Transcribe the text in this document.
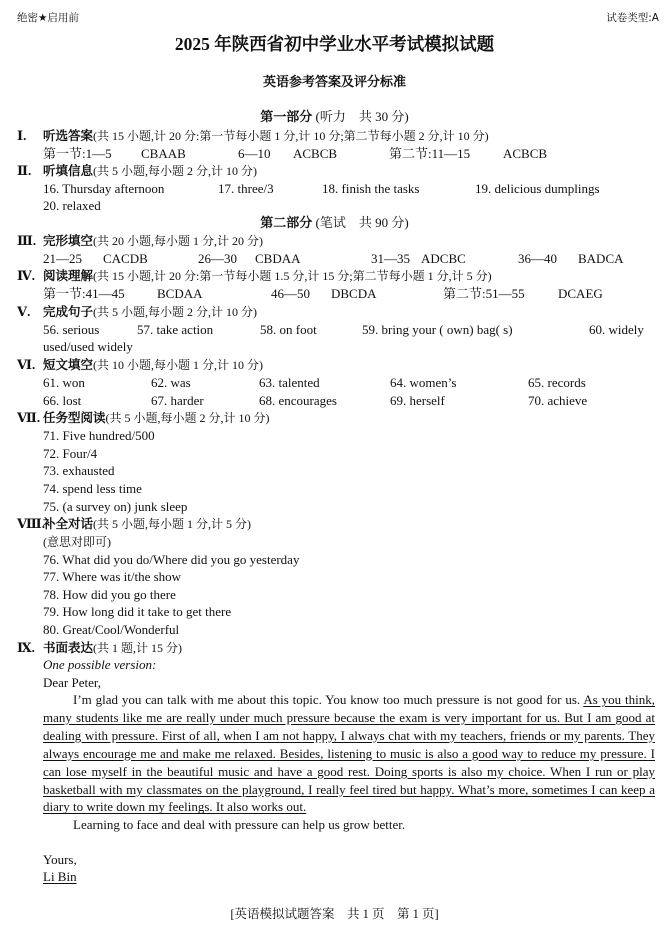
绝密★启用前	试卷类型:A
2025 年陕西省初中学业水平考试模拟试题
英语参考答案及评分标准
第一部分 (听力　共 30 分)
Ⅰ. 听选答案(共 15 小题,计 20 分:第一节每小题 1 分,计 10 分;第二节每小题 2 分,计 10 分)
第一节:1—5 CBAAB	6—10 ACBCB	第二节:11—15	ACBCB
Ⅱ. 听填信息(共 5 小题,每小题 2 分,计 10 分)
16. Thursday afternoon	17. three/3	18. finish the tasks	19. delicious dumplings
20. relaxed
第二部分 (笔试　共 90 分)
Ⅲ. 完形填空(共 20 小题,每小题 1 分,计 20 分)
21—25 CACDB	26—30 CBDAA	31—35 ADCBC	36—40 BADCA
Ⅳ. 阅读理解(共 15 小题,计 20 分:第一节每小题 1.5 分,计 15 分;第二节每小题 1 分,计 5 分)
第一节:41—45 BCDAA	46—50 DBCDA	第二节:51—55	DCAEG
Ⅴ. 完成句子(共 5 小题,每小题 2 分,计 10 分)
56. serious	57. take action	58. on foot	59. bring your ( own) bag( s)	60. widely
used/used widely
Ⅵ. 短文填空(共 10 小题,每小题 1 分,计 10 分)
61. won	62. was	63. talented	64. women’s	65. records
66. lost	67. harder	68. encourages	69. herself	70. achieve
Ⅶ. 任务型阅读(共 5 小题,每小题 2 分,计 10 分)
71. Five hundred/500
72. Four/4
73. exhausted
74. spend less time
75. (a survey on) junk sleep
Ⅷ.
补全对话(共 5 小题,每小题 1 分,计 5 分)
(意思对即可)
76. What did you do/Where did you go yesterday
77. Where was it/the show
78. How did you go there
79. How long did it take to get there
80. Great/Cool/Wonderful
Ⅸ. 书面表达(共 1 题,计 15 分)
One possible version:
Dear Peter,

I’m glad you can talk with me about this topic. You know too much pressure is not good for us. As you think, many students like me are really under much pressure because the exam is very important for us. But I am good at dealing with pressure. First of all, when I am not happy, I always chat with my teachers, friends or my parents. They always encourage me and make me relaxed. Besides, listening to music is also a good way to reduce my pressure. I can lose myself in the beautiful music and have a good rest. Doing sports is also my choice. When I run or play basketball with my classmates on the playground, I really feel tired but happy. What’s more, sometimes I can keep a diary to write down my feelings. It also works out.

Learning to face and deal with pressure can help us grow better.

Yours,
Li Bin
[英语模拟试题答案　共 1 页　第 1 页]
